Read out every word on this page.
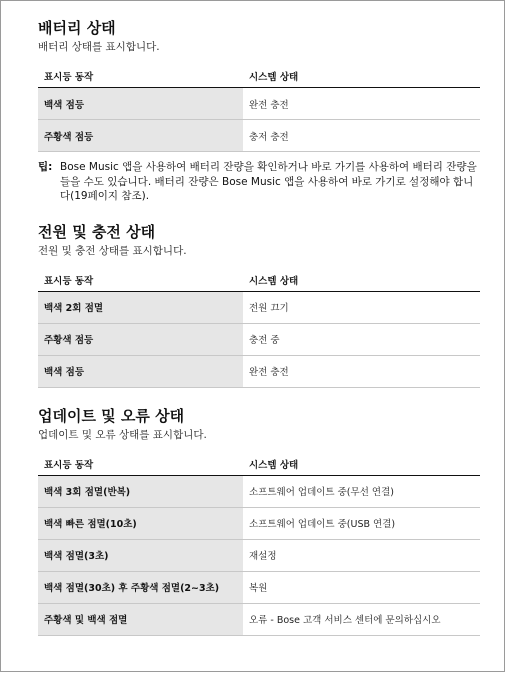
배터리 상태

배터리 상태를 표시합니다.

표시등 동작	시스템 상태
백색 점등	완전 충전
주황색 점등	충저 충전
팁: Bose Music 앱을 사용하여 배터리 잔량을 확인하거나 바로 가기를 사용하여 배터리 잔량을 들을 수도 있습니다. 배터리 잔량은 Bose Music 앱을 사용하여 바로 가기로 설정해야 합니다(19페이지 참조).
전원 및 충전 상태

전원 및 충전 상태를 표시합니다.

표시등 동작	시스템 상태
백색 2회 점멸	전원 끄기
주황색 점등	충전 중
백색 점등	완전 충전
업데이트 및 오류 상태

업데이트 및 오류 상태를 표시합니다.

표시등 동작	시스템 상태
백색 3회 점멸(반복)	소프트웨어 업데이트 중(무선 연결)
백색 빠른 점멸(10초)	소프트웨어 업데이트 중(USB 연결)
백색 점멸(3초)	재설정
백색 점멸(30초) 후 주황색 점멸(2~3초)	복원
주황색 및 백색 점멸	오류 - Bose 고객 서비스 센터에 문의하십시오
